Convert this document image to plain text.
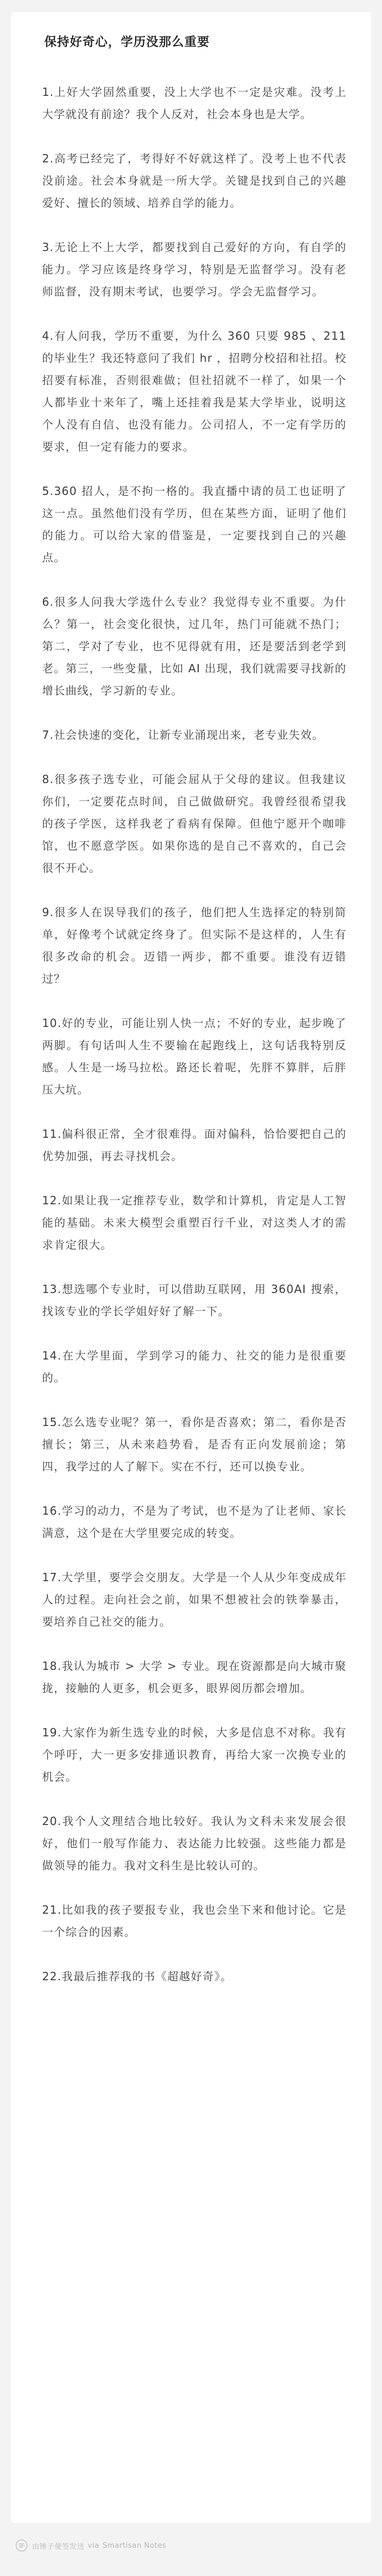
保持好奇心，学历没那么重要

1.上好大学固然重要，没上大学也不一定是灾难。没考上大学就没有前途？我个人反对，社会本身也是大学。

2.高考已经完了，考得好不好就这样了。没考上也不代表没前途。社会本身就是一所大学。关键是找到自己的兴趣爱好、擅长的领域、培养自学的能力。

3.无论上不上大学，都要找到自己爱好的方向，有自学的能力。学习应该是终身学习，特别是无监督学习。没有老师监督，没有期末考试，也要学习。学会无监督学习。

4.有人问我，学历不重要，为什么 360 只要 985 、211 的毕业生？我还特意问了我们 hr ，招聘分校招和社招。校招要有标准，否则很难做；但社招就不一样了，如果一个人都毕业十来年了，嘴上还挂着我是某大学毕业，说明这个人没有自信、也没有能力。公司招人，不一定有学历的要求，但一定有能力的要求。

5.360 招人，是不拘一格的。我直播中请的员工也证明了这一点。虽然他们没有学历，但在某些方面，证明了他们的能力。可以给大家的借鉴是，一定要找到自己的兴趣点。

6.很多人问我大学选什么专业？我觉得专业不重要。为什么？第一，社会变化很快，过几年，热门可能就不热门；第二，学对了专业，也不见得就有用，还是要活到老学到老。第三，一些变量，比如 AI 出现，我们就需要寻找新的增长曲线，学习新的专业。

7.社会快速的变化，让新专业涌现出来，老专业失效。

8.很多孩子选专业，可能会屈从于父母的建议。但我建议你们，一定要花点时间，自己做做研究。我曾经很希望我的孩子学医，这样我老了看病有保障。但他宁愿开个咖啡馆，也不愿意学医。如果你选的是自己不喜欢的，自己会很不开心。

9.很多人在误导我们的孩子，他们把人生选择定的特别简单，好像考个试就定终身了。但实际不是这样的，人生有很多改命的机会。迈错一两步，都不重要。谁没有迈错过？

10.好的专业，可能让别人快一点；不好的专业，起步晚了两脚。有句话叫人生不要输在起跑线上，这句话我特别反感。人生是一场马拉松。路还长着呢，先胖不算胖，后胖压大坑。

11.偏科很正常，全才很难得。面对偏科，恰恰要把自己的优势加强，再去寻找机会。

12.如果让我一定推荐专业，数学和计算机，肯定是人工智能的基础。未来大模型会重塑百行千业，对这类人才的需求肯定很大。

13.想选哪个专业时，可以借助互联网，用 360AI 搜索，找该专业的学长学姐好好了解一下。

14.在大学里面，学到学习的能力、社交的能力是很重要的。

15.怎么选专业呢？第一，看你是否喜欢；第二，看你是否擅长；第三，从未来趋势看，是否有正向发展前途；第四，我学过的人了解下。实在不行，还可以换专业。

16.学习的动力，不是为了考试，也不是为了让老师、家长满意，这个是在大学里要完成的转变。

17.大学里，要学会交朋友。大学是一个人从少年变成成年人的过程。走向社会之前，如果不想被社会的铁拳暴击，要培养自己社交的能力。

18.我认为城市 > 大学 > 专业。现在资源都是向大城市聚拢，接触的人更多，机会更多，眼界阅历都会增加。

19.大家作为新生选专业的时候，大多是信息不对称。我有个呼吁，大一更多安排通识教育，再给大家一次换专业的机会。

20.我个人文理结合地比较好。我认为文科未来发展会很好，他们一般写作能力、表达能力比较强。这些能力都是做领导的能力。我对文科生是比较认可的。

21.比如我的孩子要报专业，我也会坐下来和他讨论。它是一个综合的因素。

22.我最后推荐我的书《超越好奇》。

由锤子便签发送 via Smartisan Notes
